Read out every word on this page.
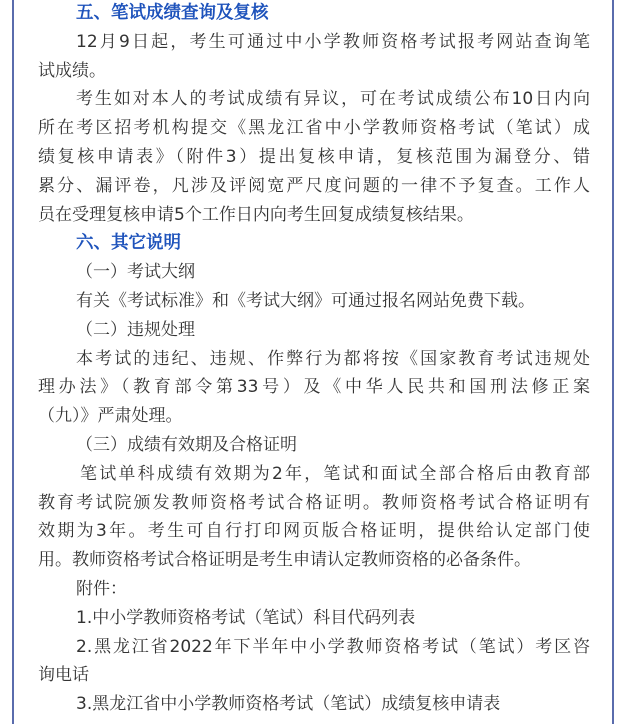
五、笔试成绩查询及复核
12月9日起，考生可通过中小学教师资格考试报考网站查询笔
试成绩。
考生如对本人的考试成绩有异议，可在考试成绩公布10日内向
所在考区招考机构提交《黑龙江省中小学教师资格考试（笔试）成
绩复核申请表》（附件3）提出复核申请，复核范围为漏登分、错
累分、漏评卷，凡涉及评阅宽严尺度问题的一律不予复查。工作人
员在受理复核申请5个工作日内向考生回复成绩复核结果。
六、其它说明
（一）考试大纲
有关《考试标准》和《考试大纲》可通过报名网站免费下载。
（二）违规处理
本考试的违纪、违规、作弊行为都将按《国家教育考试违规处
理办法》（教育部令第33号）及《中华人民共和国刑法修正案
（九）》严肃处理。
（三）成绩有效期及合格证明
笔试单科成绩有效期为2年，笔试和面试全部合格后由教育部
教育考试院颁发教师资格考试合格证明。教师资格考试合格证明有
效期为3年。考生可自行打印网页版合格证明，提供给认定部门使
用。教师资格考试合格证明是考生申请认定教师资格的必备条件。
附件：
1.中小学教师资格考试（笔试）科目代码列表
2.黑龙江省2022年下半年中小学教师资格考试（笔试）考区咨
询电话
3.黑龙江省中小学教师资格考试（笔试）成绩复核申请表
